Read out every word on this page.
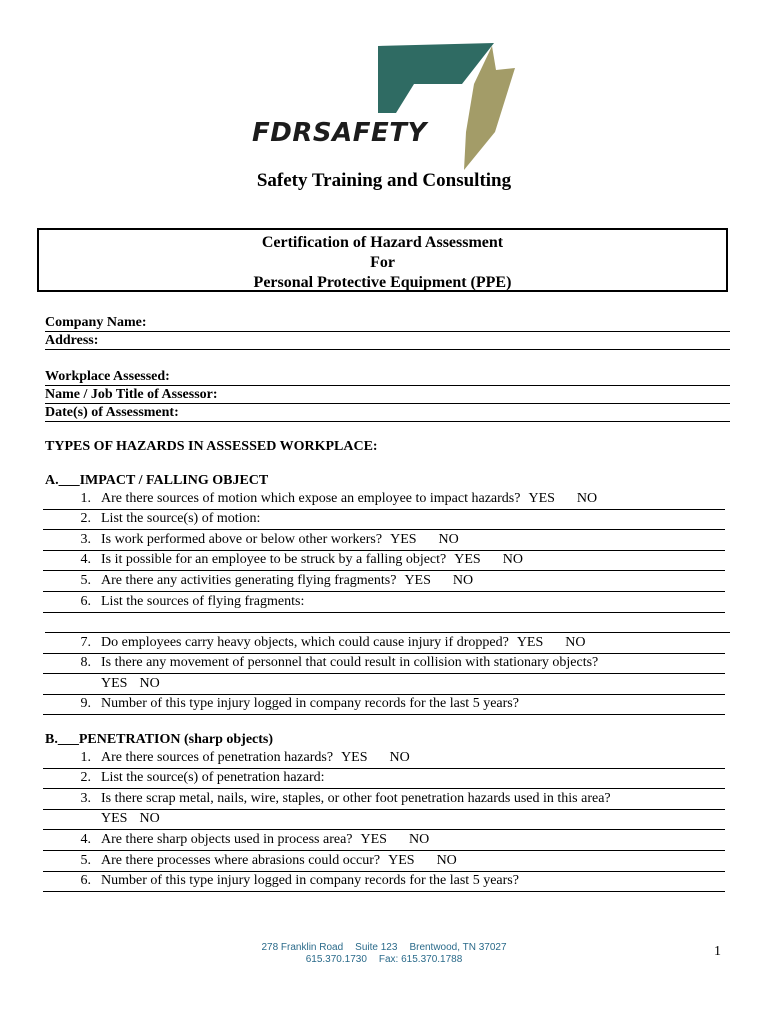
FDRSAFETY
Safety Training and Consulting
Certification of Hazard Assessment
For
Personal Protective Equipment (PPE)
Company Name:
Address:
Workplace Assessed:
Name / Job Title of Assessor:
Date(s) of Assessment:
TYPES OF HAZARDS IN ASSESSED WORKPLACE:
A.___IMPACT / FALLING OBJECT
1. Are there sources of motion which expose an employee to impact hazards? YES NO
2. List the source(s) of motion:
3. Is work performed above or below other workers? YES NO
4. Is it possible for an employee to be struck by a falling object? YES NO
5. Are there any activities generating flying fragments? YES NO
6. List the sources of flying fragments:
7. Do employees carry heavy objects, which could cause injury if dropped? YES NO
8. Is there any movement of personnel that could result in collision with stationary objects?
YES NO
9. Number of this type injury logged in company records for the last 5 years?
B.___PENETRATION (sharp objects)
1. Are there sources of penetration hazards? YES NO
2. List the source(s) of penetration hazard:
3. Is there scrap metal, nails, wire, staples, or other foot penetration hazards used in this area?
YES NO
4. Are there sharp objects used in process area? YES NO
5. Are there processes where abrasions could occur? YES NO
6. Number of this type injury logged in company records for the last 5 years?
278 Franklin Road Suite 123 Brentwood, TN 37027
615.370.1730 Fax: 615.370.1788
1
